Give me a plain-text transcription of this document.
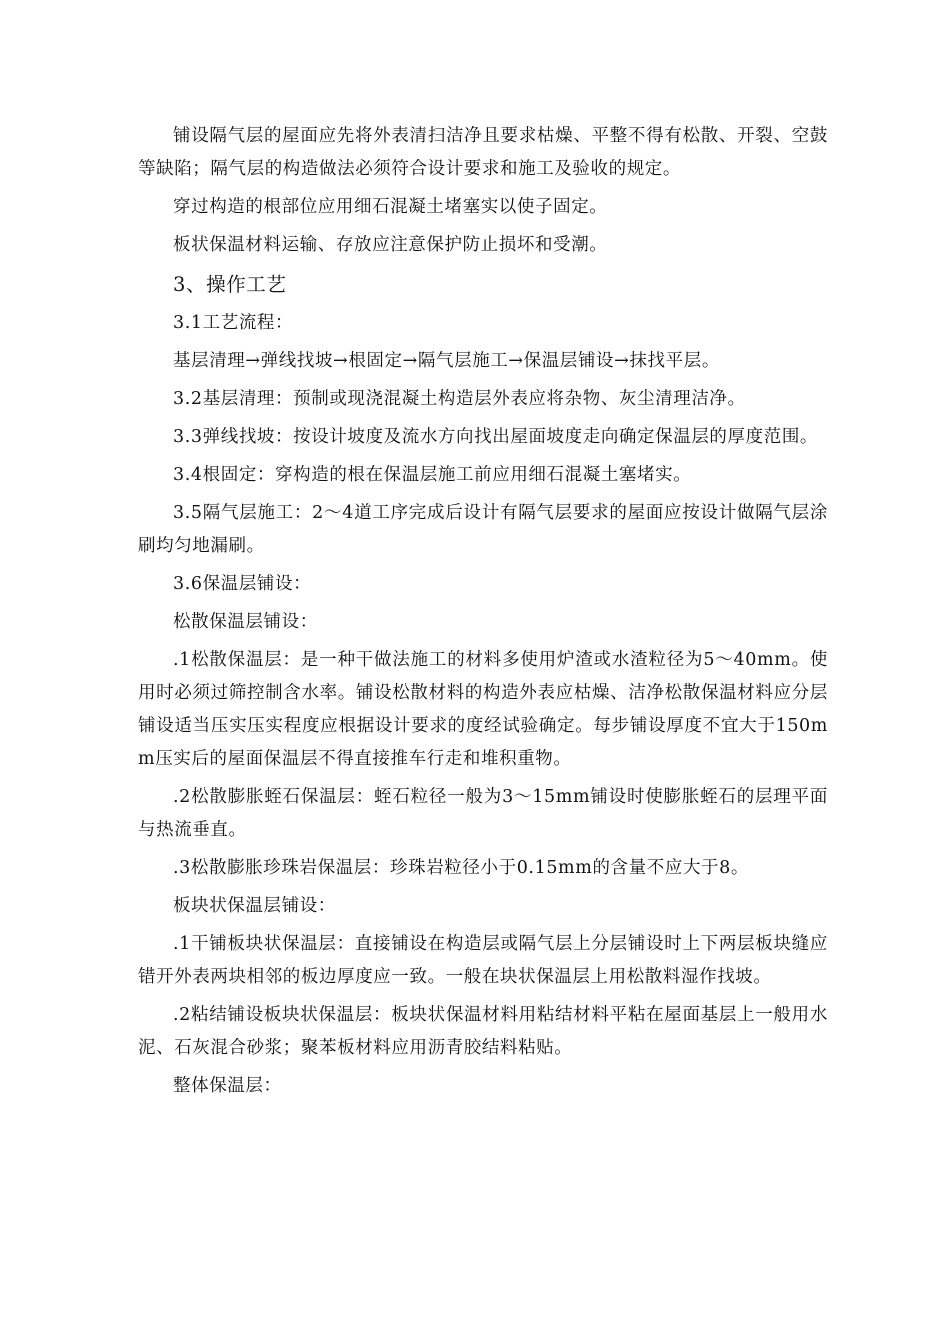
铺设隔气层的屋面应先将外表清扫洁净且要求枯燥、平整不得有松散、开裂、空鼓等缺陷；隔气层的构造做法必须符合设计要求和施工及验收的规定。

穿过构造的根部位应用细石混凝土堵塞实以使子固定。

板状保温材料运输、存放应注意保护防止损坏和受潮。

3、操作工艺

3.1工艺流程：

基层清理→弹线找坡→根固定→隔气层施工→保温层铺设→抹找平层。

3.2基层清理：预制或现浇混凝土构造层外表应将杂物、灰尘清理洁净。

3.3弹线找坡：按设计坡度及流水方向找出屋面坡度走向确定保温层的厚度范围。

3.4根固定：穿构造的根在保温层施工前应用细石混凝土塞堵实。

3.5隔气层施工：2～4道工序完成后设计有隔气层要求的屋面应按设计做隔气层涂刷均匀地漏刷。

3.6保温层铺设：

松散保温层铺设：

.1松散保温层：是一种干做法施工的材料多使用炉渣或水渣粒径为5～40mm。使用时必须过筛控制含水率。铺设松散材料的构造外表应枯燥、洁净松散保温材料应分层铺设适当压实压实程度应根据设计要求的度经试验确定。每步铺设厚度不宜大于150mm压实后的屋面保温层不得直接推车行走和堆积重物。

.2松散膨胀蛭石保温层：蛭石粒径一般为3～15mm铺设时使膨胀蛭石的层理平面与热流垂直。

.3松散膨胀珍珠岩保温层：珍珠岩粒径小于0.15mm的含量不应大于8。

板块状保温层铺设：

.1干铺板块状保温层：直接铺设在构造层或隔气层上分层铺设时上下两层板块缝应错开外表两块相邻的板边厚度应一致。一般在块状保温层上用松散料湿作找坡。

.2粘结铺设板块状保温层：板块状保温材料用粘结材料平粘在屋面基层上一般用水泥、石灰混合砂浆；聚苯板材料应用沥青胶结料粘贴。

整体保温层：
